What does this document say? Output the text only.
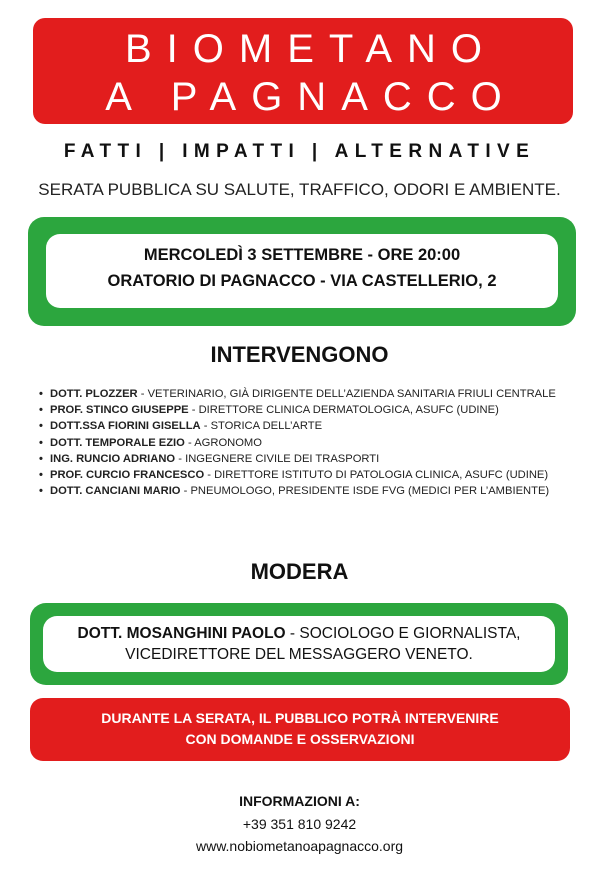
BIOMETANO
A PAGNACCO
FATTI | IMPATTI | ALTERNATIVE
SERATA PUBBLICA SU SALUTE, TRAFFICO, ODORI E AMBIENTE.
MERCOLEDÌ 3 SETTEMBRE - ORE 20:00
ORATORIO DI PAGNACCO - VIA CASTELLERIO, 2
INTERVENGONO
• DOTT. PLOZZER - VETERINARIO, GIÀ DIRIGENTE DELL’AZIENDA SANITARIA FRIULI CENTRALE
• PROF. STINCO GIUSEPPE - DIRETTORE CLINICA DERMATOLOGICA, ASUFC (UDINE)
• DOTT.SSA FIORINI GISELLA - STORICA DELL’ARTE
• DOTT. TEMPORALE EZIO - AGRONOMO
• ING. RUNCIO ADRIANO - INGEGNERE CIVILE DEI TRASPORTI
• PROF. CURCIO FRANCESCO - DIRETTORE ISTITUTO DI PATOLOGIA CLINICA, ASUFC (UDINE)
• DOTT. CANCIANI MARIO - PNEUMOLOGO, PRESIDENTE ISDE FVG (MEDICI PER L’AMBIENTE)
MODERA
DOTT. MOSANGHINI PAOLO - SOCIOLOGO E GIORNALISTA, VICEDIRETTORE DEL MESSAGGERO VENETO.
DURANTE LA SERATA, IL PUBBLICO POTRÀ INTERVENIRE
CON DOMANDE E OSSERVAZIONI
INFORMAZIONI A:
+39 351 810 9242
www.nobiometanoapagnacco.org
